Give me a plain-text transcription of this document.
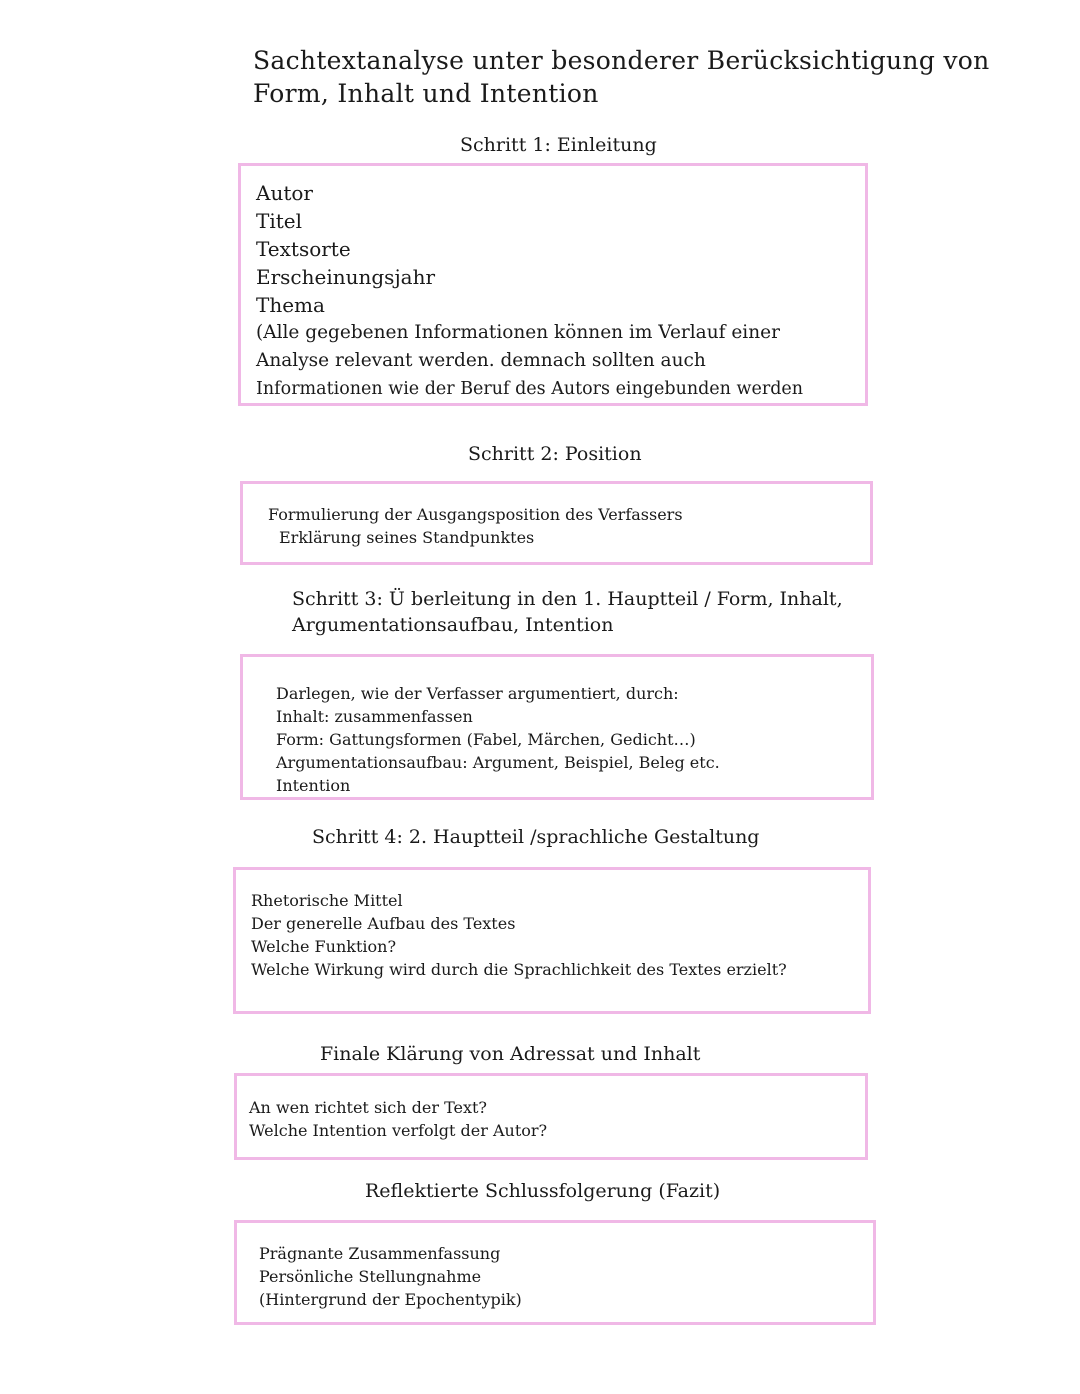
Sachtextanalyse unter besonderer Berücksichtigung von
Form, Inhalt und Intention
Schritt 1: Einleitung
Autor
Titel
Textsorte
Erscheinungsjahr
Thema
(Alle gegebenen Informationen können im Verlauf einer
Analyse relevant werden. demnach sollten auch
Informationen wie der Beruf des Autors eingebunden werden
Schritt 2: Position
Formulierung der Ausgangsposition des Verfassers
Erklärung seines Standpunktes
Schritt 3: Ü berleitung in den 1. Hauptteil / Form, Inhalt,
Argumentationsaufbau, Intention
Darlegen, wie der Verfasser argumentiert, durch:
Inhalt: zusammenfassen
Form: Gattungsformen (Fabel, Märchen, Gedicht…)
Argumentationsaufbau: Argument, Beispiel, Beleg etc.
Intention
Schritt 4: 2. Hauptteil /sprachliche Gestaltung
Rhetorische Mittel
Der generelle Aufbau des Textes
Welche Funktion?
Welche Wirkung wird durch die Sprachlichkeit des Textes erzielt?
Finale Klärung von Adressat und Inhalt
An wen richtet sich der Text?
Welche Intention verfolgt der Autor?
Reflektierte Schlussfolgerung (Fazit)
Prägnante Zusammenfassung
Persönliche Stellungnahme
(Hintergrund der Epochentypik)
